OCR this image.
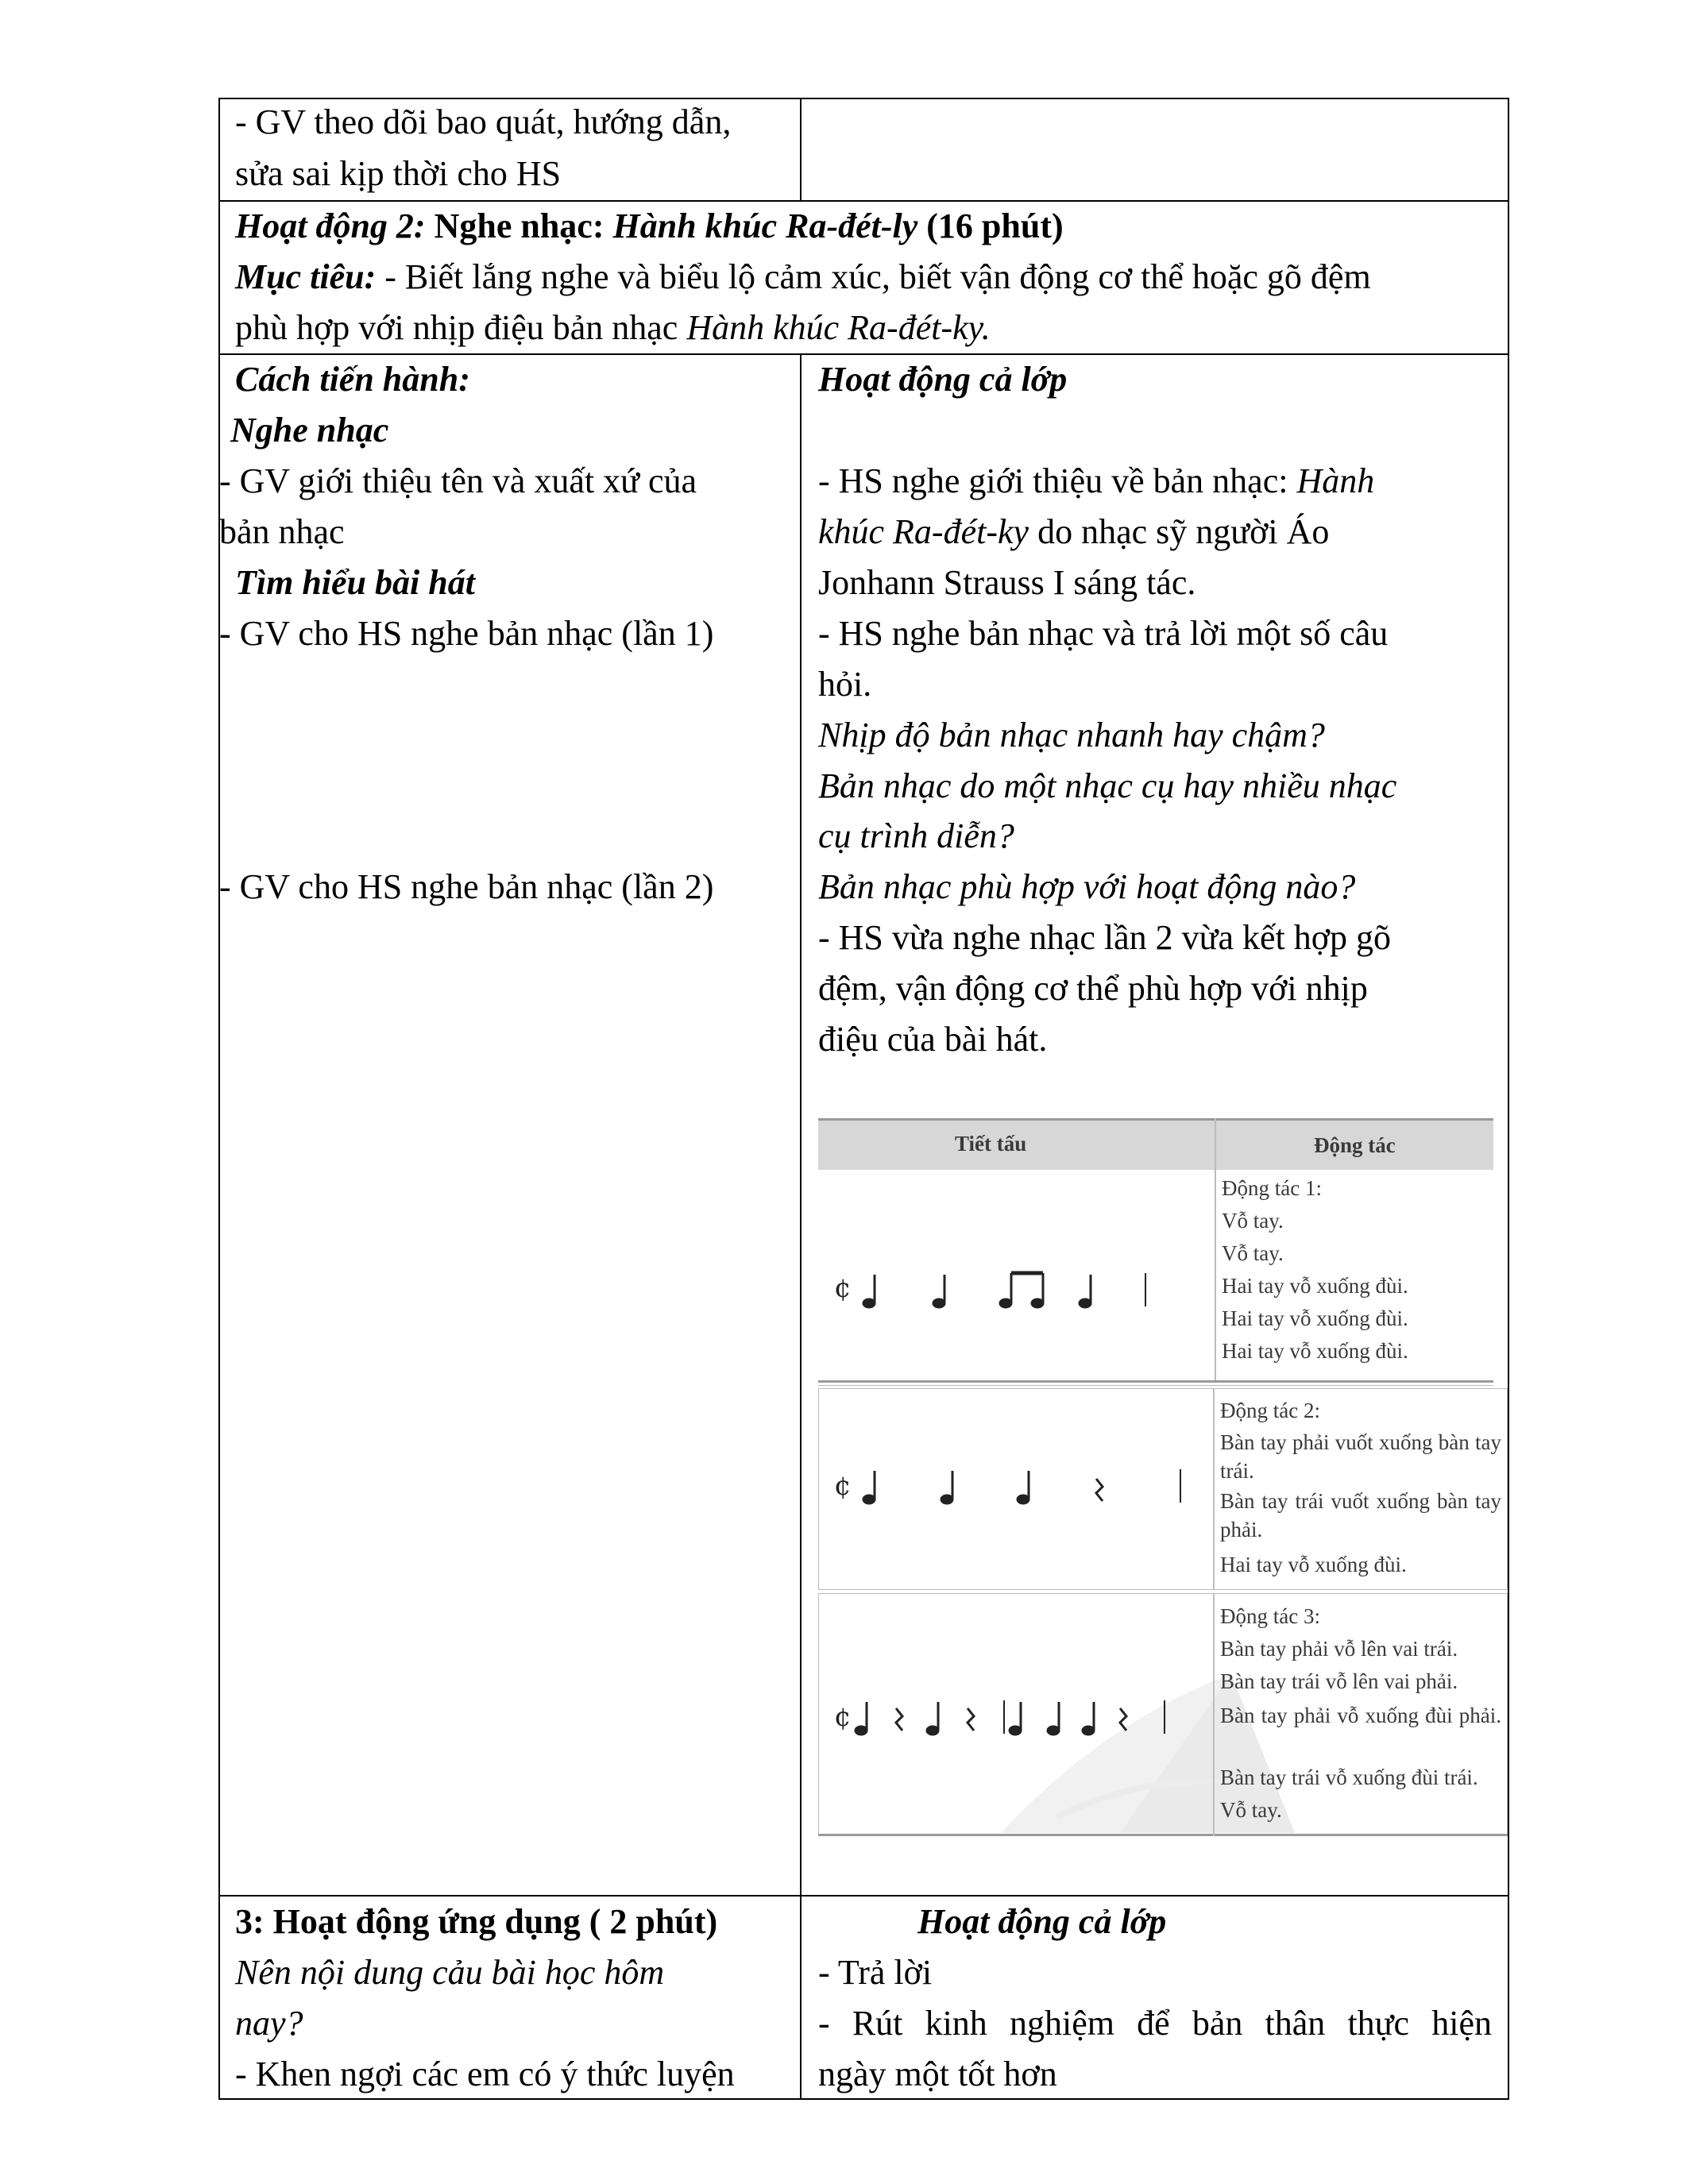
- GV theo dõi bao quát, hướng dẫn,
sửa sai kịp thời cho HS
Hoạt động 2: Nghe nhạc: Hành khúc Ra-đét-ly (16 phút)
Mục tiêu: - Biết lắng nghe và biểu lộ cảm xúc, biết vận động cơ thể hoặc gõ đệm
phù hợp với nhịp điệu bản nhạc Hành khúc Ra-đét-ky.
Cách tiến hành:
Nghe nhạc
- GV giới thiệu tên và xuất xứ của
bản nhạc
Tìm hiểu bài hát
- GV cho HS nghe bản nhạc (lần 1)
- GV cho HS nghe bản nhạc (lần 2)
Hoạt động cả lớp
- HS nghe giới thiệu về bản nhạc: Hành
khúc Ra-đét-ky do nhạc sỹ người Áo
Jonhann Strauss I sáng tác.
- HS nghe bản nhạc và trả lời một số câu
hỏi.
Nhịp độ bản nhạc nhanh hay chậm?
Bản nhạc do một nhạc cụ hay nhiều nhạc
cụ trình diễn?
Bản nhạc phù hợp với hoạt động nào?
- HS vừa nghe nhạc lần 2 vừa kết hợp gõ
đệm, vận động cơ thể phù hợp với nhịp
điệu của bài hát.
Tiết tấu	Động tác
¢
Động tác 1:
Vỗ tay.
Vỗ tay.
Hai tay vỗ xuống đùi.
Hai tay vỗ xuống đùi.
Hai tay vỗ xuống đùi.
¢
Động tác 2:
Bàn tay phải vuốt xuống bàn tay trái.
Bàn tay trái vuốt xuống bàn tay phải.
Hai tay vỗ xuống đùi.
¢
Động tác 3:
Bàn tay phải vỗ lên vai trái.
Bàn tay trái vỗ lên vai phải.
Bàn tay phải vỗ xuống đùi phải.
Bàn tay trái vỗ xuống đùi trái.
Vỗ tay.
3: Hoạt động ứng dụng ( 2 phút)
Nên nội dung cảu bài học hôm
nay?
- Khen ngợi các em có ý thức luyện
Hoạt động cả lớp
- Trả lời
- Rút kinh nghiệm để bản thân thực hiện
ngày một tốt hơn
